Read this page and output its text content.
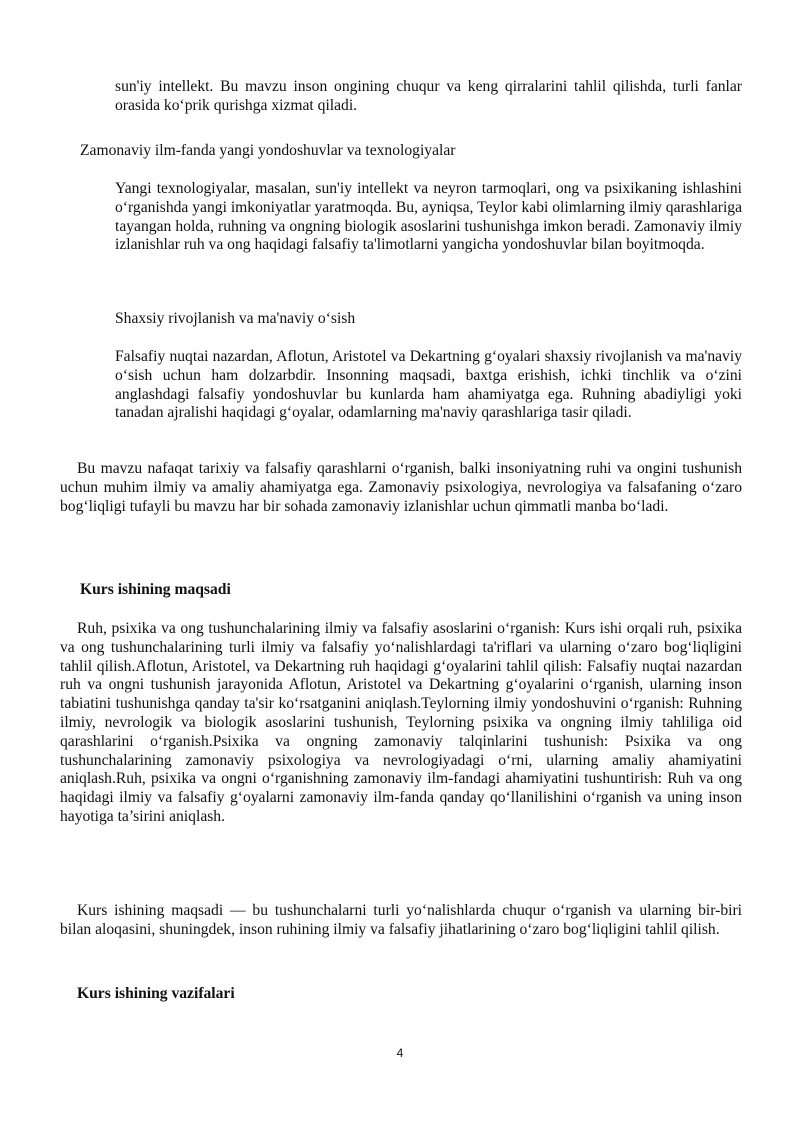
sun'iy intellekt. Bu mavzu inson ongining chuqur va keng qirralarini tahlil qilishda, turli fanlar orasida koʻprik qurishga xizmat qiladi.

Zamonaviy ilm-fanda yangi yondoshuvlar va texnologiyalar

Yangi texnologiyalar, masalan, sun'iy intellekt va neyron tarmoqlari, ong va psixikaning ishlashini oʻrganishda yangi imkoniyatlar yaratmoqda. Bu, ayniqsa, Teylor kabi olimlarning ilmiy qarashlariga tayangan holda, ruhning va ongning biologik asoslarini tushunishga imkon beradi. Zamonaviy ilmiy izlanishlar ruh va ong haqidagi falsafiy ta'limotlarni yangicha yondoshuvlar bilan boyitmoqda.

Shaxsiy rivojlanish va ma'naviy oʻsish

Falsafiy nuqtai nazardan, Aflotun, Aristotel va Dekartning gʻoyalari shaxsiy rivojlanish va ma'naviy oʻsish uchun ham dolzarbdir. Insonning maqsadi, baxtga erishish, ichki tinchlik va oʻzini anglashdagi falsafiy yondoshuvlar bu kunlarda ham ahamiyatga ega. Ruhning abadiyligi yoki tanadan ajralishi haqidagi gʻoyalar, odamlarning ma'naviy qarashlariga tasir qiladi.

Bu mavzu nafaqat tarixiy va falsafiy qarashlarni oʻrganish, balki insoniyatning ruhi va ongini tushunish uchun muhim ilmiy va amaliy ahamiyatga ega. Zamonaviy psixologiya, nevrologiya va falsafaning oʻzaro bogʻliqligi tufayli bu mavzu har bir sohada zamonaviy izlanishlar uchun qimmatli manba boʻladi.

Kurs ishining maqsadi

Ruh, psixika va ong tushunchalarining ilmiy va falsafiy asoslarini oʻrganish: Kurs ishi orqali ruh, psixika va ong tushunchalarining turli ilmiy va falsafiy yoʻnalishlardagi ta'riflari va ularning oʻzaro bogʻliqligini tahlil qilish.Aflotun, Aristotel, va Dekartning ruh haqidagi gʻoyalarini tahlil qilish: Falsafiy nuqtai nazardan ruh va ongni tushunish jarayonida Aflotun, Aristotel va Dekartning gʻoyalarini oʻrganish, ularning inson tabiatini tushunishga qanday ta'sir koʻrsatganini aniqlash.Teylorning ilmiy yondoshuvini oʻrganish: Ruhning ilmiy, nevrologik va biologik asoslarini tushunish, Teylorning psixika va ongning ilmiy tahliliga oid qarashlarini oʻrganish.Psixika va ongning zamonaviy talqinlarini tushunish: Psixika va ong tushunchalarining zamonaviy psixologiya va nevrologiyadagi oʻrni, ularning amaliy ahamiyatini aniqlash.Ruh, psixika va ongni oʻrganishning zamonaviy ilm-fandagi ahamiyatini tushuntirish: Ruh va ong haqidagi ilmiy va falsafiy gʻoyalarni zamonaviy ilm-fanda qanday qoʻllanilishini oʻrganish va uning inson hayotiga ta’sirini aniqlash.

Kurs ishining maqsadi — bu tushunchalarni turli yoʻnalishlarda chuqur oʻrganish va ularning bir-biri bilan aloqasini, shuningdek, inson ruhining ilmiy va falsafiy jihatlarining oʻzaro bogʻliqligini tahlil qilish.

Kurs ishining vazifalari

4
